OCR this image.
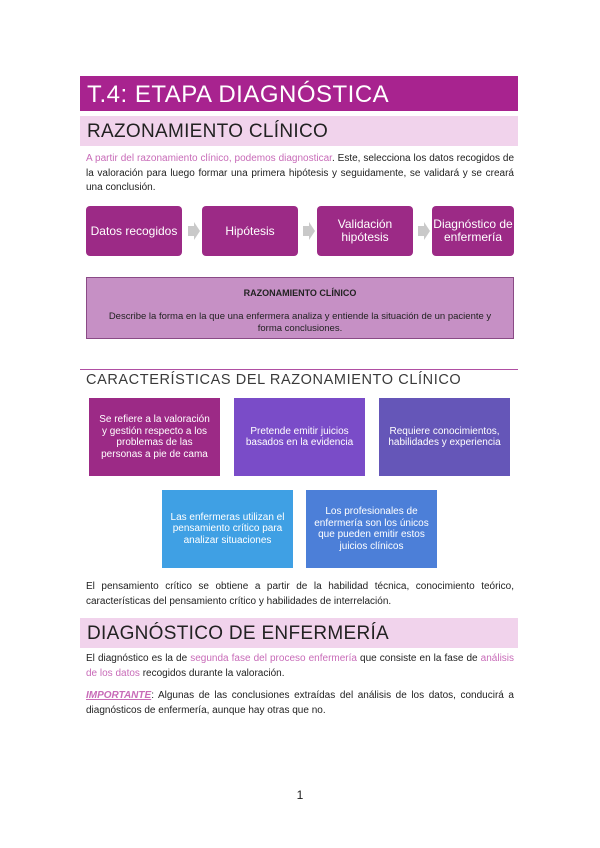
T.4: ETAPA DIAGNÓSTICA
RAZONAMIENTO CLÍNICO
A partir del razonamiento clínico, podemos diagnosticar. Este, selecciona los datos recogidos de la valoración para luego formar una primera hipótesis y seguidamente, se validará y se creará una conclusión.
Datos recogidos	Hipótesis	Validación hipótesis
Diagnóstico de enfermería
RAZONAMIENTO CLÍNICO
Describe la forma en la que una enfermera analiza y entiende la situación de un paciente y forma conclusiones.
CARACTERÍSTICAS DEL RAZONAMIENTO CLÍNICO
Se refiere a la valoración y gestión respecto a los problemas de las personas a pie de cama
Pretende emitir juicios basados en la evidencia
Requiere conocimientos, habilidades y experiencia
Las enfermeras utilizan el pensamiento crítico para analizar situaciones
Los profesionales de enfermería son los únicos que pueden emitir estos juicios clínicos
El pensamiento crítico se obtiene a partir de la habilidad técnica, conocimiento teórico, características del pensamiento crítico y habilidades de interrelación.
DIAGNÓSTICO DE ENFERMERÍA
El diagnóstico es la de segunda fase del proceso enfermería que consiste en la fase de análisis de los datos recogidos durante la valoración.
IMPORTANTE: Algunas de las conclusiones extraídas del análisis de los datos, conducirá a diagnósticos de enfermería, aunque hay otras que no.
1
